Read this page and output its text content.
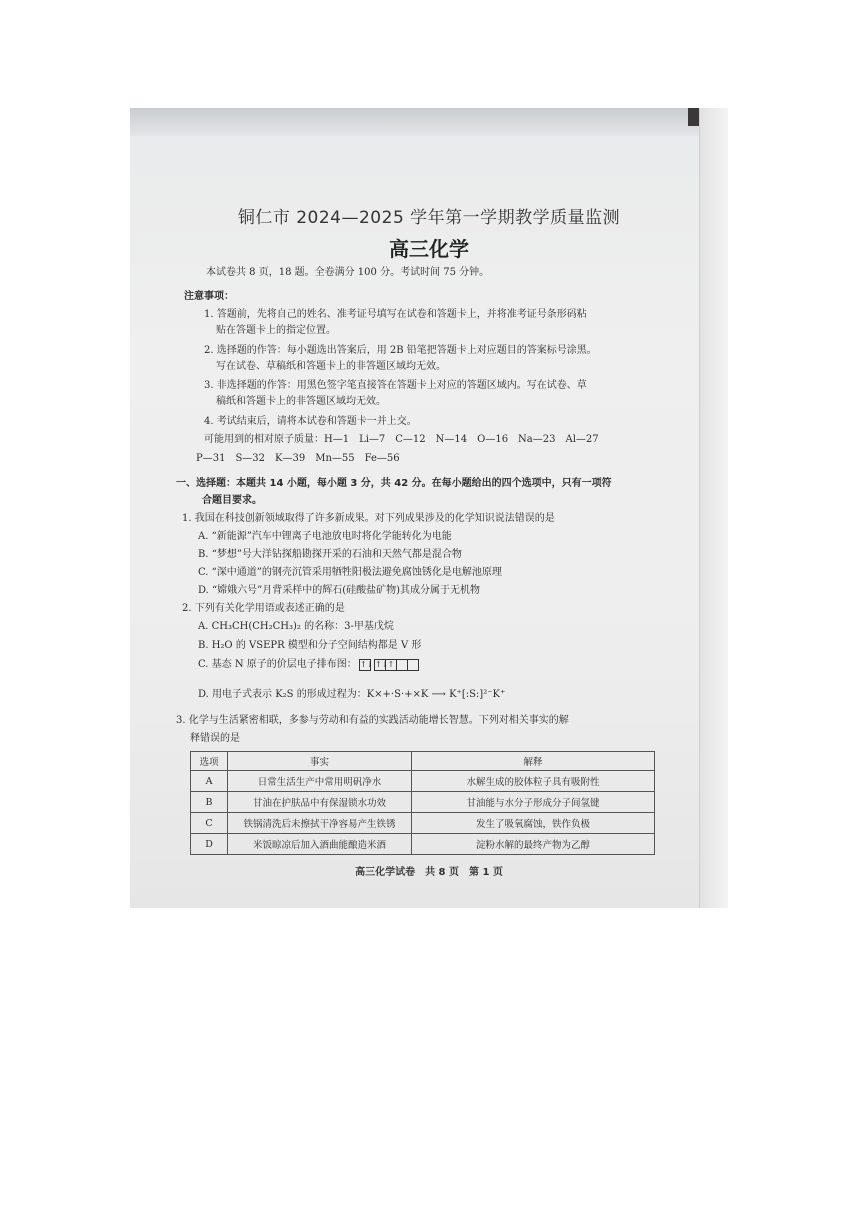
铜仁市 2024—2025 学年第一学期教学质量监测
高三化学
本试卷共 8 页，18 题。全卷满分 100 分。考试时间 75 分钟。
注意事项：
1. 答题前，先将自己的姓名、准考证号填写在试卷和答题卡上，并将准考证号条形码粘
贴在答题卡上的指定位置。
2. 选择题的作答：每小题选出答案后，用 2B 铅笔把答题卡上对应题目的答案标号涂黑。
写在试卷、草稿纸和答题卡上的非答题区域均无效。
3. 非选择题的作答：用黑色签字笔直接答在答题卡上对应的答题区域内。写在试卷、草
稿纸和答题卡上的非答题区域均无效。
4. 考试结束后，请将本试卷和答题卡一并上交。
可能用到的相对原子质量：H—1　Li—7　C—12　N—14　O—16　Na—23　Al—27
P—31　S—32　K—39　Mn—55　Fe—56
一、选择题：本题共 14 小题，每小题 3 分，共 42 分。在每小题给出的四个选项中，只有一项符
合题目要求。
1. 我国在科技创新领域取得了许多新成果。对下列成果涉及的化学知识说法错误的是
A. “新能源”汽车中锂离子电池放电时将化学能转化为电能
B. “梦想”号大洋钻探船勘探开采的石油和天然气都是混合物
C. “深中通道”的钢壳沉管采用牺牲阳极法避免腐蚀锈化是电解池原理
D. “嫦娥六号”月背采样中的辉石(硅酸盐矿物)其成分属于无机物
2. 下列有关化学用语或表述正确的是
A. CH₃CH(CH₂CH₃)₂ 的名称：3-甲基戊烷
B. H₂O 的 VSEPR 模型和分子空间结构都是 V 形
C. 基态 N 原子的价层电子排布图： ↑↓ ↑↓↑
D. 用电子式表示 K₂S 的形成过程为：K×+·S·+×K ⟶ K⁺[:S:]²⁻K⁺
3. 化学与生活紧密相联，多参与劳动和有益的实践活动能增长智慧。下列对相关事实的解
释错误的是
选项	事实	解释
A	日常生活生产中常用明矾净水	水解生成的胶体粒子具有吸附性
B	甘油在护肤品中有保湿锁水功效	甘油能与水分子形成分子间氢键
C	铁锅清洗后未擦拭干净容易产生铁锈	发生了吸氧腐蚀，铁作负极
D	米饭晾凉后加入酒曲能酿造米酒	淀粉水解的最终产物为乙醇
高三化学试卷　共 8 页　第 1 页
